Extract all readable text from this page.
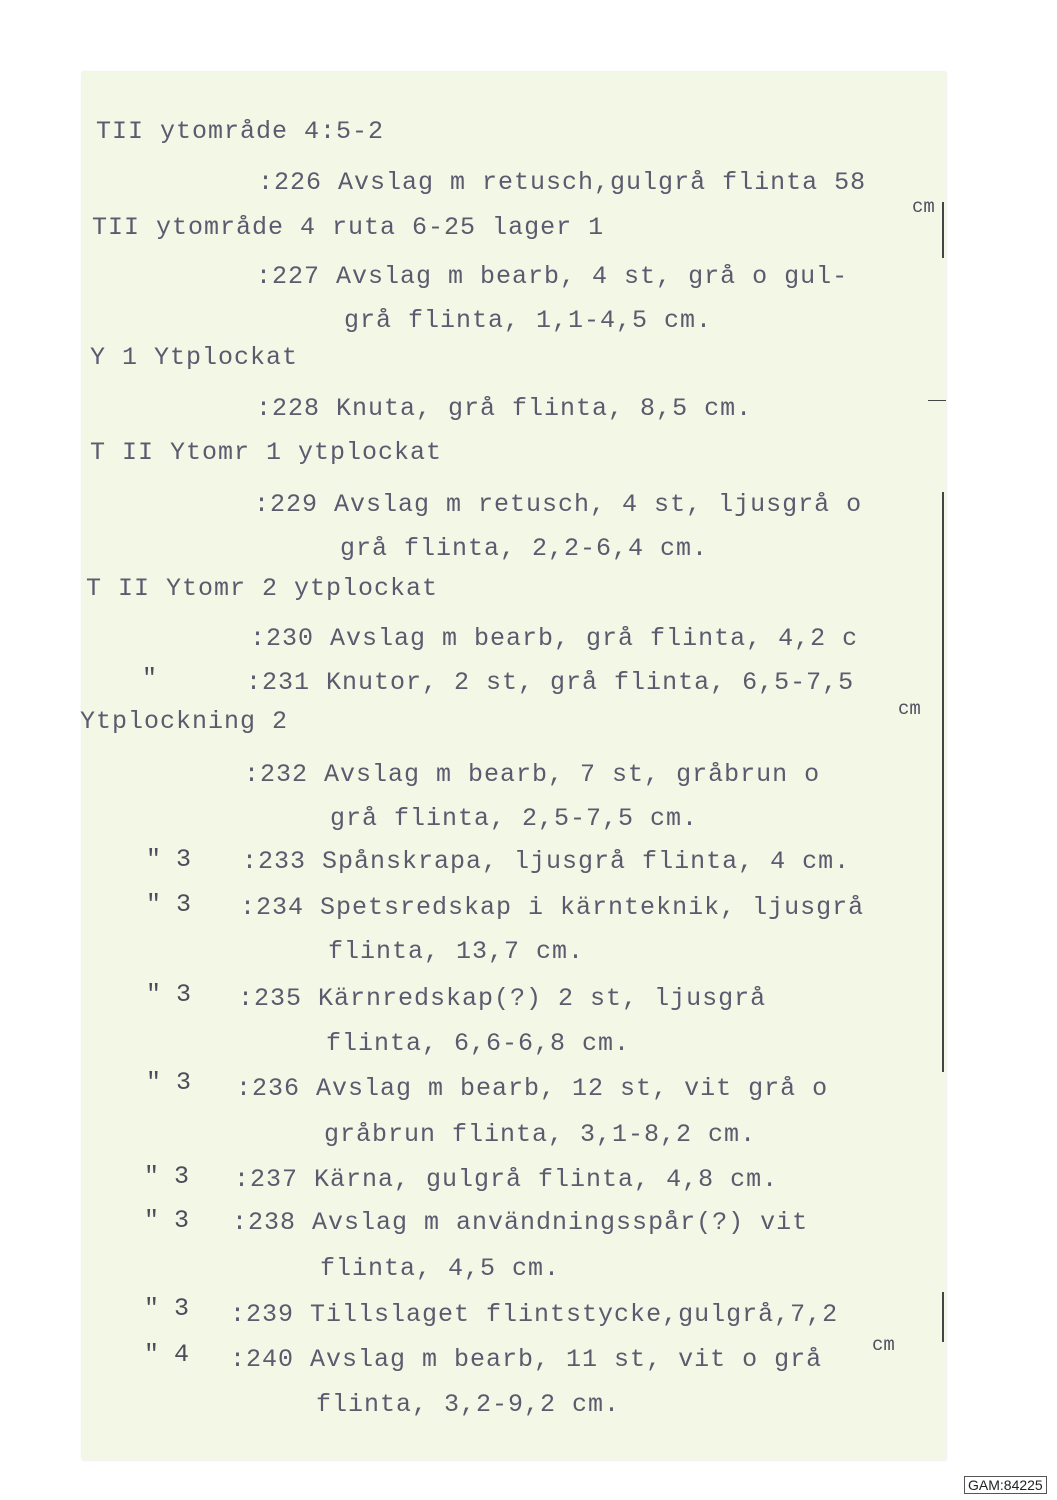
TII ytområde 4:5-2
:226 Avslag m retusch,gulgrå flinta 58
cm
TII ytområde 4 ruta 6-25 lager 1
:227 Avslag m bearb, 4 st, grå o gul-
grå flinta, 1,1-4,5 cm.
Y 1 Ytplockat
:228 Knuta, grå flinta, 8,5 cm.
T II Ytomr 1 ytplockat
:229 Avslag m retusch, 4 st, ljusgrå o
grå flinta, 2,2-6,4 cm.
T II Ytomr 2 ytplockat
:230 Avslag m bearb, grå flinta, 4,2 c
"	:231 Knutor, 2 st, grå flinta, 6,5-7,5
cm
Ytplockning 2
:232 Avslag m bearb, 7 st, gråbrun o
grå flinta, 2,5-7,5 cm.
" 3 :233 Spånskrapa, ljusgrå flinta, 4 cm.
" 3 :234 Spetsredskap i kärnteknik, ljusgrå
flinta, 13,7 cm.
" 3 :235 Kärnredskap(?) 2 st, ljusgrå
flinta, 6,6-6,8 cm.
" 3 :236 Avslag m bearb, 12 st, vit grå o
gråbrun flinta, 3,1-8,2 cm.
" 3 :237 Kärna, gulgrå flinta, 4,8 cm.
" 3 :238 Avslag m användningsspår(?) vit
flinta, 4,5 cm.
" 3 :239 Tillslaget flintstycke,gulgrå,7,2
cm
" 4 :240 Avslag m bearb, 11 st, vit o grå
flinta, 3,2-9,2 cm.
GAM:84225
